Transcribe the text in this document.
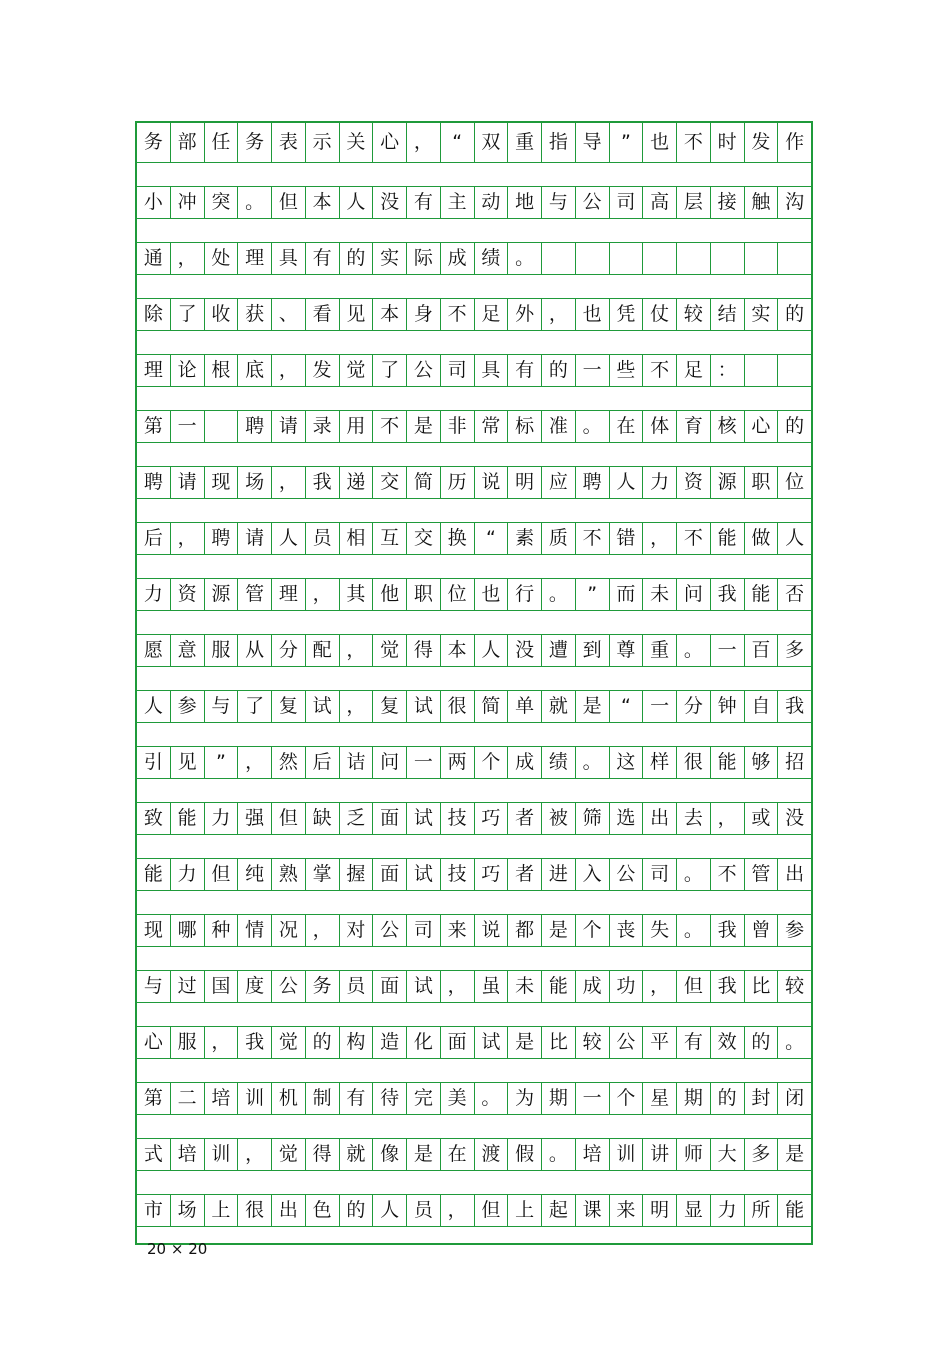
务 部 任 务 表 示 关 心 ，	“	双 重 指 导	”	也 不 时 发 作
小 冲 突 。 但 本 人 没 有 主 动 地 与 公 司 高 层 接 触 沟
通 ， 处 理 具 有 的 实 际 成 绩 。
除 了 收 获 、 看 见 本 身 不 足 外 ， 也 凭 仗 较 结 实 的
理 论 根 底 ， 发 觉 了 公 司 具 有 的 一 些 不 足 ：
第 一	聘 请 录 用 不 是 非 常 标 准 。 在 体 育 核 心 的
聘 请 现 场 ， 我 递 交 简 历 说 明 应 聘 人 力 资 源 职 位
后 ， 聘 请 人 员 相 互 交 换	“	素 质 不 错 ， 不 能 做 人
力 资 源 管 理 ， 其 他 职 位 也 行 。	”	而 未 问 我 能 否
愿 意 服 从 分 配 ， 觉 得 本 人 没 遭 到 尊 重 。 一 百 多
人 参 与 了 复 试 ， 复 试 很 简 单 就 是	“	一 分 钟 自 我
引 见	”	， 然 后 诘 问 一 两 个 成 绩 。 这 样 很 能 够 招
致 能 力 强 但 缺 乏 面 试 技 巧 者 被 筛 选 出 去 ， 或 没
能 力 但 纯 熟 掌 握 面 试 技 巧 者 进 入 公 司 。 不 管 出
现 哪 种 情 况 ， 对 公 司 来 说 都 是 个 丧 失 。 我 曾 参
与 过 国 度 公 务 员 面 试 ， 虽 未 能 成 功 ， 但 我 比 较
心 服 ， 我 觉 的 构 造 化 面 试 是 比 较 公 平 有 效 的 。
第 二 培 训 机 制 有 待 完 美 。 为 期 一 个 星 期 的 封 闭
式 培 训 ， 觉 得 就 像 是 在 渡 假 。 培 训 讲 师 大 多 是
市 场 上 很 出 色 的 人 员 ， 但 上 起 课 来 明 显 力 所 能
20 × 20
